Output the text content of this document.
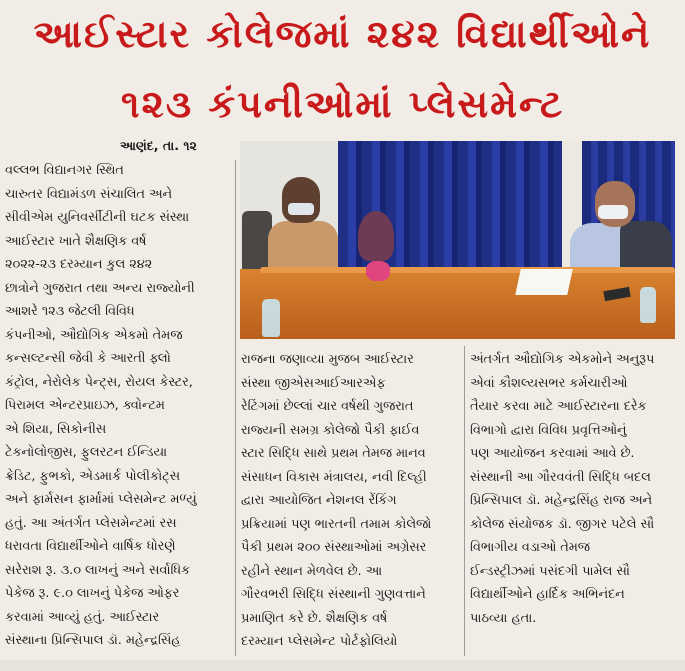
આઈસ્ટાર કોલેજમાં ૨૪૨ વિદ્યાર્થીઓને
૧૨૩ કંપનીઓમાં પ્લેસમેન્ટ
આણંદ, તા. ૧૨
વલ્લભ વિદ્યાનગર સ્થિત
ચારુતર વિદ્યામંડળ સંચાલિત અને
સીવીએમ યુનિવર્સીટીની ઘટક સંસ્થા
આઈસ્ટાર ખાતે શૈક્ષણિક વર્ષ
૨૦૨૨-૨૩ દરમ્યાન કુલ ૨૪૨
છાત્રોને ગુજરાત તથા અન્ય રાજ્યોની
આશરે ૧૨૩ જેટલી વિવિધ
કંપનીઓ, ઔદ્યોગિક એકમો તેમજ
કન્સલ્ટન્સી જેવી કે આરતી ફ્લો
કંટ્રોલ, નેરોલેક પેન્ટ્સ, રોયલ કેસ્ટર,
પિરામલ એન્ટરપ્રાઇઝ, ક્વોન્ટમ
એ શિયા, સિકોનીસ
ટેકનોલોજીસ, ફુલરટન ઈન્ડિયા
ક્રેડિટ, ફુભકો, એડમાર્ક પોલીકોટ્સ
અને ફાર્મસન ફાર્મામાં પ્લેસમેન્ટ મળ્યું
હતું. આ અંતર્ગત પ્લેસમેન્ટમાં રસ
ધરાવતા વિદ્યાર્થીઓને વાર્ષિક ધોરણે
સરેરાશ રૂ. ૩.૦ લાખનું અને સર્વાધિક
પેકેજ રૂ. ૯.૦ લાખનું પેકેજ ઓફર
કરવામાં આવ્યું હતું. આઈસ્ટાર
સંસ્થાના પ્રિન્સિપાલ ડૉ. મહેન્દ્રસિંહ
રાજના જણાવ્યા મુજબ આઈસ્ટાર
સંસ્થા જીએસઆઈઆરએફ
રેટિંગમાં છેલ્લાં ચાર વર્ષથી ગુજરાત
રાજ્યની સમગ્ર કોલેજો પૈકી ફાઈવ
સ્ટાર સિદ્ધિ સાથે પ્રથમ તેમજ માનવ
સંસાધન વિકાસ મંત્રાલય, નવી દિલ્હી
દ્વારા આયોજિત નેશનલ રેંકિંગ
પ્રક્રિયામાં પણ ભારતની તમામ કોલેજો
પૈકી પ્રથમ ૨૦૦ સંસ્થાઓમાં અગ્રેસર
રહીને સ્થાન મેળવેલ છે. આ
ગૌરવભરી સિદ્ધિ સંસ્થાની ગુણવત્તાને
પ્રમાણિત કરે છે. શૈક્ષણિક વર્ષ
દરમ્યાન પ્લેસમેન્ટ પોર્ટફોલિયો
અંતર્ગત ઔદ્યોગિક એકમોને અનુરૂપ
એવાં કૌશલ્યસભર કર્મચારીઓ
તૈયાર કરવા માટે આઈસ્ટારના દરેક
વિભાગો દ્વારા વિવિધ પ્રવૃત્તિઓનું
પણ આયોજન કરવામાં આવે છે.
સંસ્થાની આ ગૌરવવંતી સિદ્ધિ બદલ
પ્રિન્સિપાલ ડૉ. મહેન્દ્રસિંહ રાજ અને
કોલેજ સંયોજક ડૉ. જીગર પટેલે સૌ
વિભાગીય વડાઓ તેમજ
ઈન્ડસ્ટ્રીઝમાં પસંદગી પામેલ સૌ
વિદ્યાર્થીઓને હાર્દિક અભિનંદન
પાઠવ્યા હતા.
